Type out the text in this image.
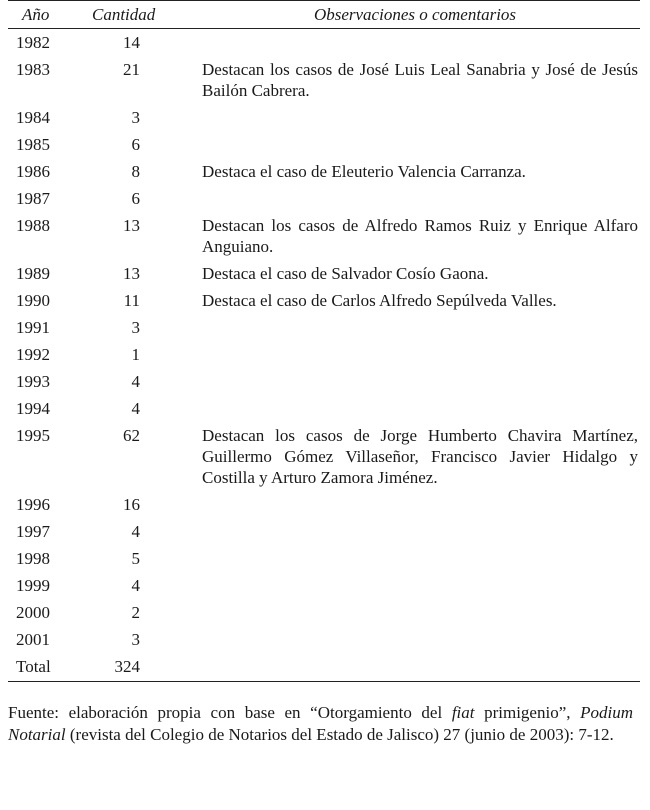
Año	Cantidad	Observaciones o comentarios
1982	14	
1983	21	Destacan los casos de José Luis Leal Sanabria y José de Jesús Bailón Cabrera.
1984	3	
1985	6	
1986	8	Destaca el caso de Eleuterio Valencia Carranza.
1987	6	
1988	13	Destacan los casos de Alfredo Ramos Ruiz y Enrique Alfaro Anguiano.
1989	13	Destaca el caso de Salvador Cosío Gaona.
1990	11	Destaca el caso de Carlos Alfredo Sepúlveda Valles.
1991	3	
1992	1	
1993	4	
1994	4	
1995	62	Destacan los casos de Jorge Humberto Chavira Martínez, Guillermo Gómez Villaseñor, Francisco Javier Hidalgo y Costilla y Arturo Zamora Jiménez.
1996	16	
1997	4	
1998	5	
1999	4	
2000	2	
2001	3	
Total	324	

Fuente: elaboración propia con base en “Otorgamiento del fiat primigenio”, Podium Notarial (revista del Colegio de Notarios del Estado de Jalisco) 27 (junio de 2003): 7-12.
